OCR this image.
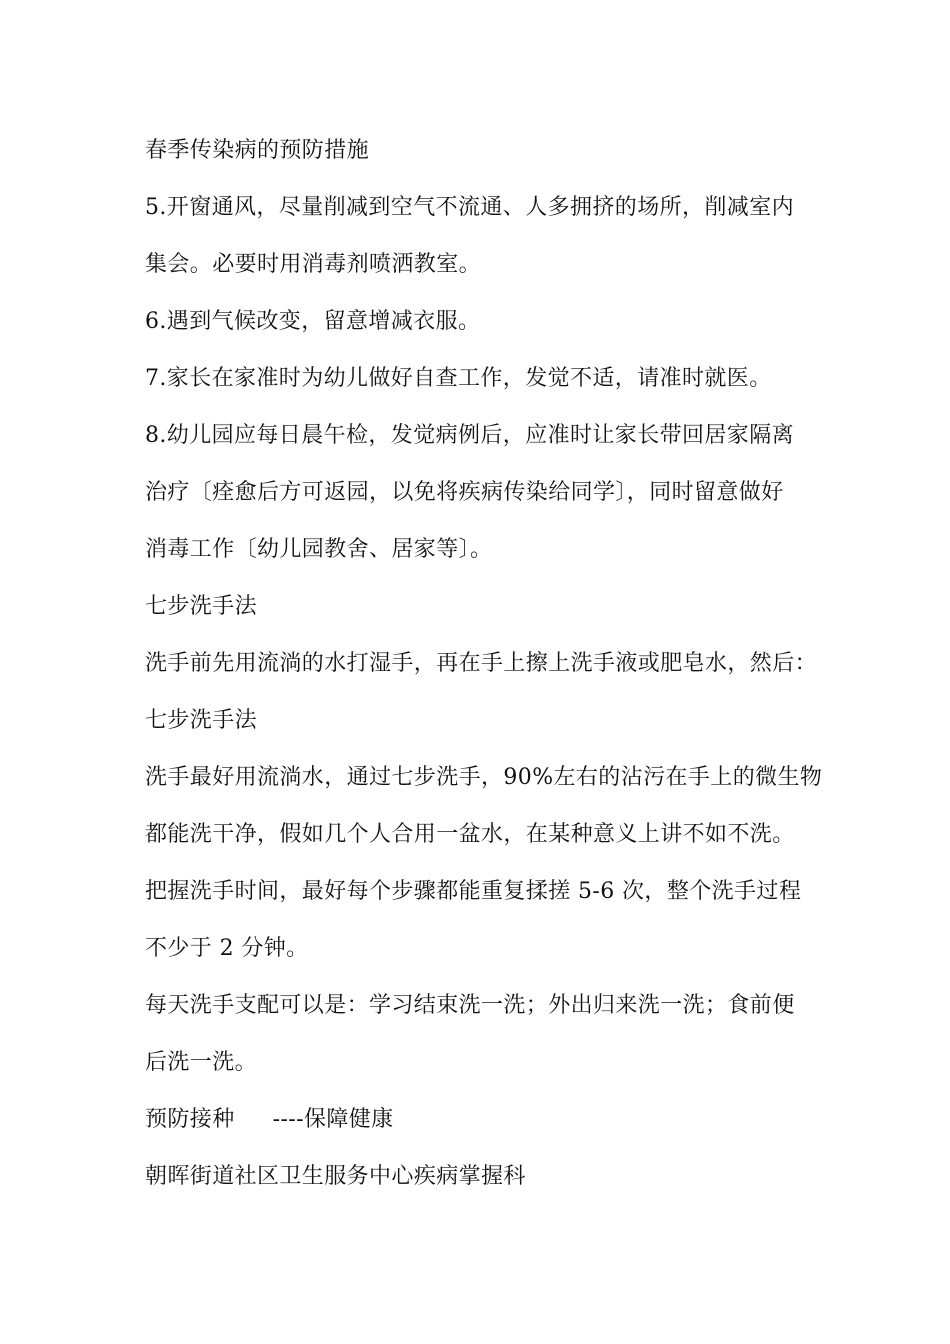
春季传染病的预防措施
5.开窗通风，尽量削减到空气不流通、人多拥挤的场所，削减室内
集会。必要时用消毒剂喷洒教室。
6.遇到气候改变，留意增减衣服。
7.家长在家准时为幼儿做好自查工作，发觉不适，请准时就医。
8.幼儿园应每日晨午检，发觉病例后，应准时让家长带回居家隔离
治疗〔痊愈后方可返园，以免将疾病传染给同学〕，同时留意做好
消毒工作〔幼儿园教舍、居家等〕。
七步洗手法
洗手前先用流淌的水打湿手，再在手上擦上洗手液或肥皂水，然后：
七步洗手法
洗手最好用流淌水，通过七步洗手，90%左右的沾污在手上的微生物
都能洗干净，假如几个人合用一盆水，在某种意义上讲不如不洗。
把握洗手时间，最好每个步骤都能重复揉搓 5-6 次，整个洗手过程
不少于 2 分钟。
每天洗手支配可以是：学习结束洗一洗；外出归来洗一洗；食前便
后洗一洗。
预防接种 ----保障健康
朝晖街道社区卫生服务中心疾病掌握科
